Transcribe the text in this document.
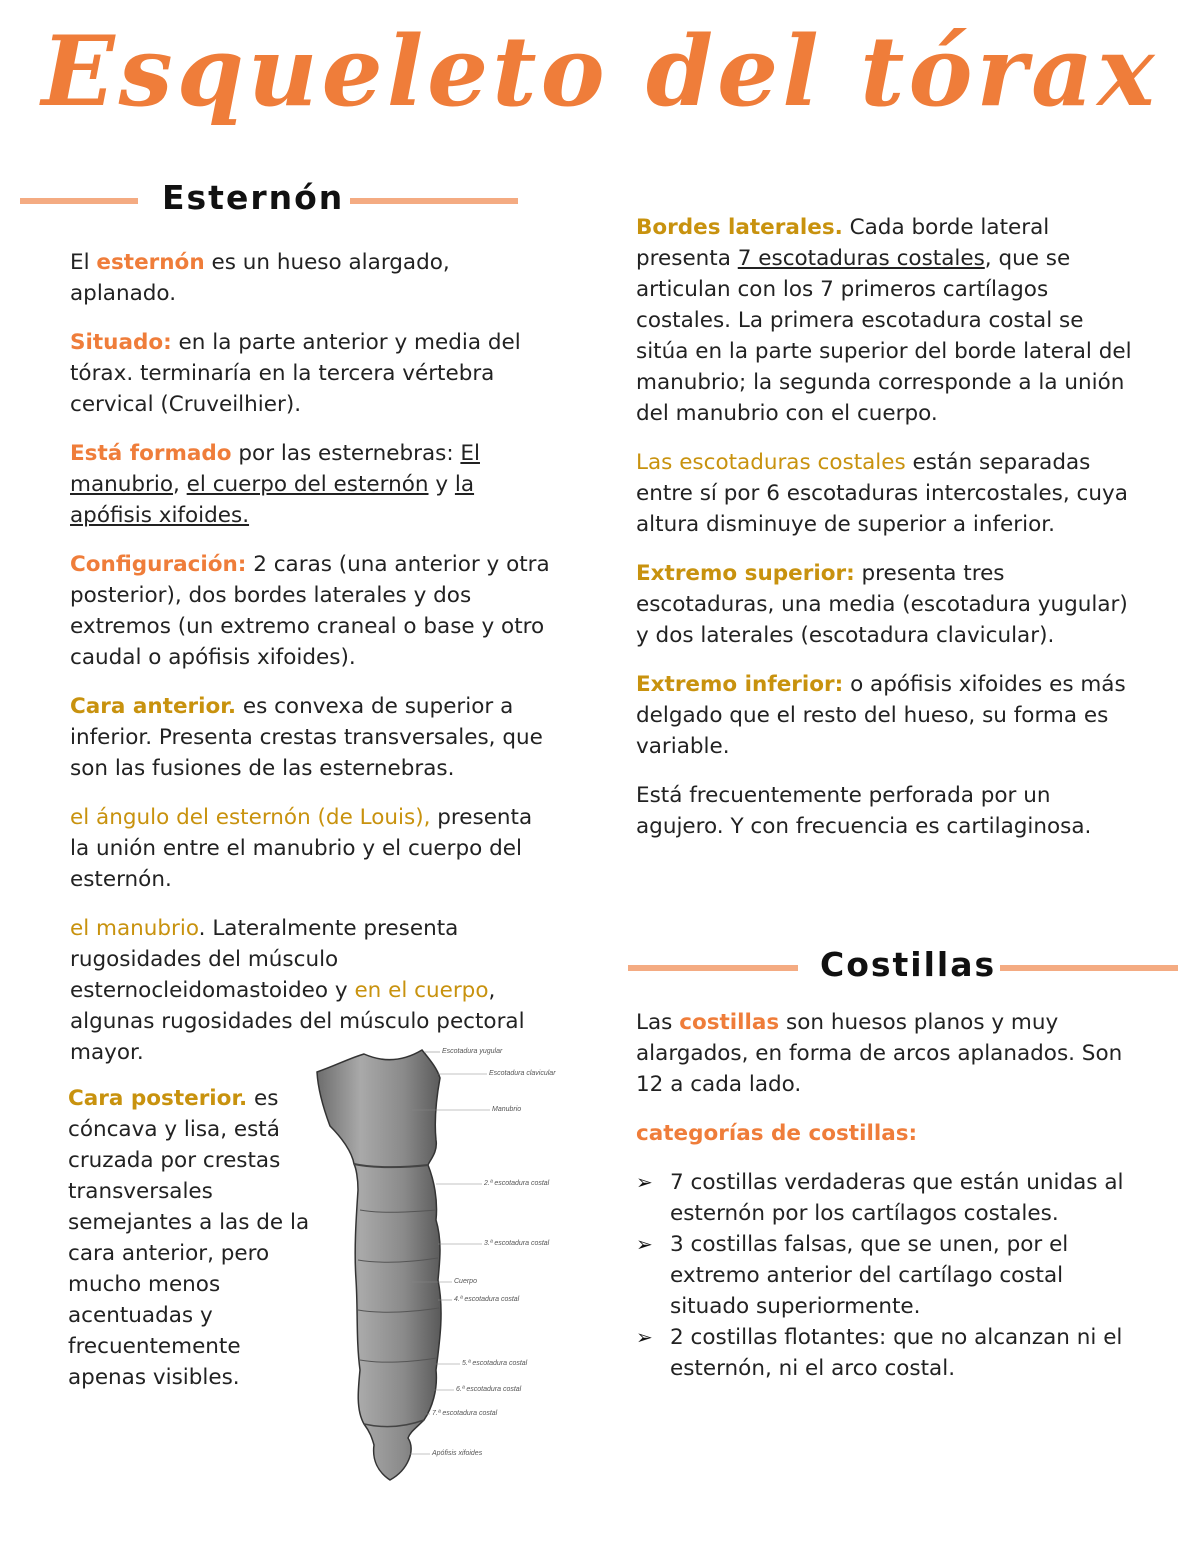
Esqueleto del tórax
Esternón

El esternón es un hueso alargado, aplanado.

Situado: en la parte anterior y media del tórax. terminaría en la tercera vértebra cervical (Cruveilhier).

Está formado por las esternebras: El manubrio, el cuerpo del esternón y la apófisis xifoides.

Configuración: 2 caras (una anterior y otra posterior), dos bordes laterales y dos extremos (un extremo craneal o base y otro caudal o apófisis xifoides).

Cara anterior. es convexa de superior a inferior. Presenta crestas transversales, que son las fusiones de las esternebras.

el ángulo del esternón (de Louis), presenta la unión entre el manubrio y el cuerpo del esternón.

el manubrio. Lateralmente presenta rugosidades del músculo esternocleidomastoideo y en el cuerpo, algunas rugosidades del músculo pectoral mayor.

Cara posterior. es cóncava y lisa, está cruzada por crestas transversales semejantes a las de la cara anterior, pero mucho menos acentuadas y frecuentemente apenas visibles.

Escotadura yugular
Escotadura clavicular
Manubrio
2.ª escotadura costal
3.ª escotadura costal
Cuerpo
4.ª escotadura costal
5.ª escotadura costal
6.ª escotadura costal
7.ª escotadura costal
Apófisis xifoides

Bordes laterales. Cada borde lateral presenta 7 escotaduras costales, que se articulan con los 7 primeros cartílagos costales. La primera escotadura costal se sitúa en la parte superior del borde lateral del manubrio; la segunda corresponde a la unión del manubrio con el cuerpo.

Las escotaduras costales están separadas entre sí por 6 escotaduras intercostales, cuya altura disminuye de superior a inferior.

Extremo superior: presenta tres escotaduras, una media (escotadura yugular) y dos laterales (escotadura clavicular).

Extremo inferior: o apófisis xifoides es más delgado que el resto del hueso, su forma es variable.

Está frecuentemente perforada por un agujero. Y con frecuencia es cartilaginosa.

Costillas

Las costillas son huesos planos y muy alargados, en forma de arcos aplanados. Son 12 a cada lado.

categorías de costillas:

➢ 7 costillas verdaderas que están unidas al esternón por los cartílagos costales.
➢ 3 costillas falsas, que se unen, por el extremo anterior del cartílago costal situado superiormente.
➢ 2 costillas flotantes: que no alcanzan ni el esternón, ni el arco costal.
